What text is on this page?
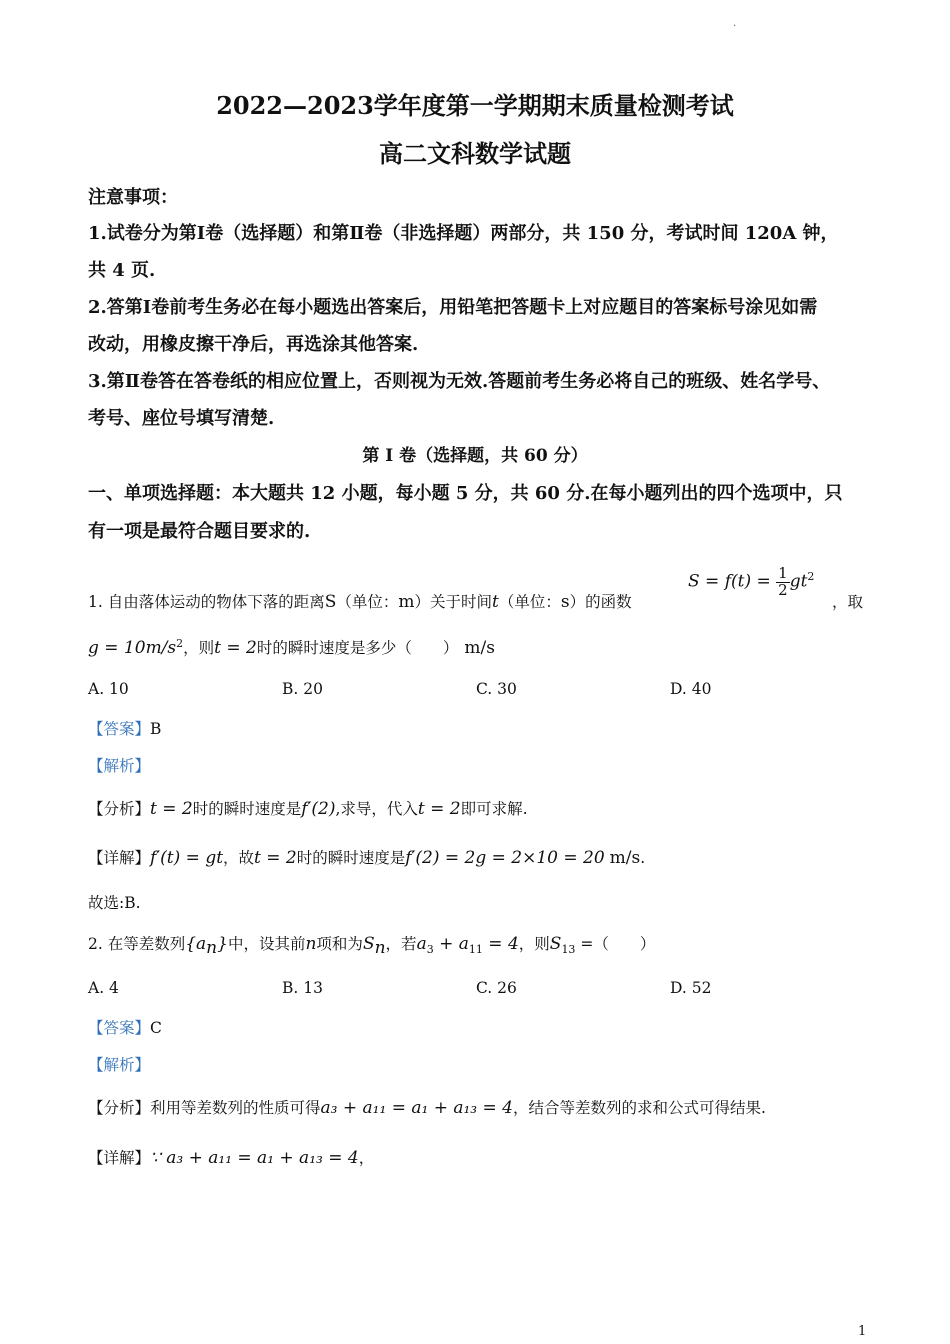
.
2022—2023学年度第一学期期末质量检测考试
高二文科数学试题
注意事项：
1.试卷分为第Ⅰ卷（选择题）和第Ⅱ卷（非选择题）两部分，共 150 分，考试时间 120A 钟，
共 4 页.
2.答第Ⅰ卷前考生务必在每小题选出答案后，用铅笔把答题卡上对应题目的答案标号涂见如需
改动，用橡皮擦干净后，再选涂其他答案.
3.第Ⅱ卷答在答卷纸的相应位置上，否则视为无效.答题前考生务必将自己的班级、姓名学号、
考号、座位号填写清楚.
第 I 卷（选择题，共 60 分）
一、单项选择题：本大题共 12 小题，每小题 5 分，共 60 分.在每小题列出的四个选项中，只
有一项是最符合题目要求的.
1. 自由落体运动的物体下落的距离S（单位：m）关于时间t（单位：s）的函数
$S = f(t) = \frac{1}{2} gt^2$
，取
$g = 10m/s^2$，则t = 2时的瞬时速度是多少（　　） m/s
A. 10	B. 20	C. 30	D. 40
【答案】B
【解析】
【分析】t = 2时的瞬时速度是f′(2),求导，代入t = 2即可求解.
【详解】f′(t) = gt，故t = 2时的瞬时速度是f′(2) = 2g = 2×10 = 20 m/s.
故选:B.
2. 在等差数列$\{a_n\}$中，设其前n项和为$S_n$，若$a_3 + a_{11} = 4$，则$S_{13}$ =（　　）
A. 4	B. 13	C. 26	D. 52
【答案】C
【解析】
【分析】利用等差数列的性质可得a₃ + a₁₁ = a₁ + a₁₃ = 4，结合等差数列的求和公式可得结果.
【详解】∵ a₃ + a₁₁ = a₁ + a₁₃ = 4，
1
